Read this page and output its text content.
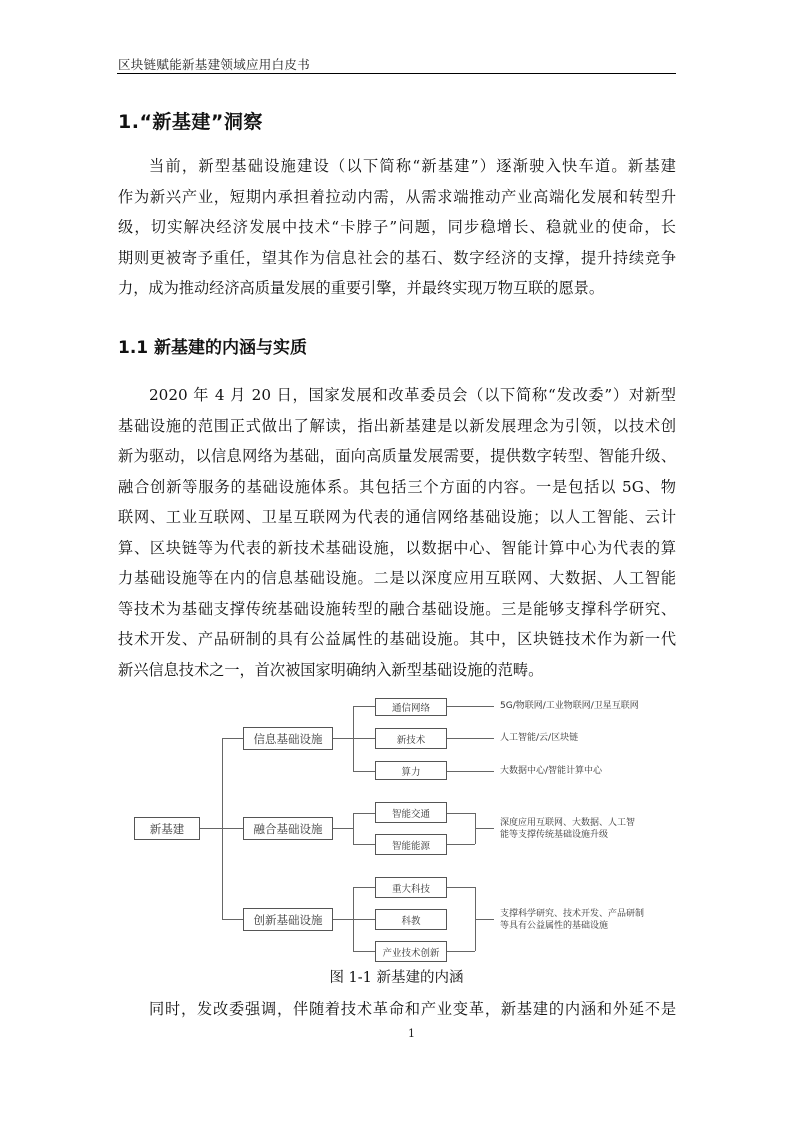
区块链赋能新基建领域应用白皮书
1.“新基建”洞察
当前，新型基础设施建设（以下简称“新基建”）逐渐驶入快车道。新基建
作为新兴产业，短期内承担着拉动内需，从需求端推动产业高端化发展和转型升
级，切实解决经济发展中技术“卡脖子”问题，同步稳增长、稳就业的使命，长
期则更被寄予重任，望其作为信息社会的基石、数字经济的支撑，提升持续竞争
力，成为推动经济高质量发展的重要引擎，并最终实现万物互联的愿景。
1.1 新基建的内涵与实质
2020 年 4 月 20 日，国家发展和改革委员会（以下简称“发改委”）对新型
基础设施的范围正式做出了解读，指出新基建是以新发展理念为引领，以技术创
新为驱动，以信息网络为基础，面向高质量发展需要，提供数字转型、智能升级、
融合创新等服务的基础设施体系。其包括三个方面的内容。一是包括以 5G、物
联网、工业互联网、卫星互联网为代表的通信网络基础设施；以人工智能、云计
算、区块链等为代表的新技术基础设施，以数据中心、智能计算中心为代表的算
力基础设施等在内的信息基础设施。二是以深度应用互联网、大数据、人工智能
等技术为基础支撑传统基础设施转型的融合基础设施。三是能够支撑科学研究、
技术开发、产品研制的具有公益属性的基础设施。其中，区块链技术作为新一代
新兴信息技术之一，首次被国家明确纳入新型基础设施的范畴。
新基建
信息基础设施
通信网络
新技术
算力
5G/物联网/工业物联网/卫星互联网
人工智能/云/区块链
大数据中心/智能计算中心
融合基础设施
智能交通
智能能源
深度应用互联网、大数据、人工智
能等支撑传统基础设施升级
创新基础设施
重大科技
科教
产业技术创新
支撑科学研究、技术开发、产品研制
等具有公益属性的基础设施
图 1-1 新基建的内涵
同时，发改委强调，伴随着技术革命和产业变革，新基建的内涵和外延不是
1
